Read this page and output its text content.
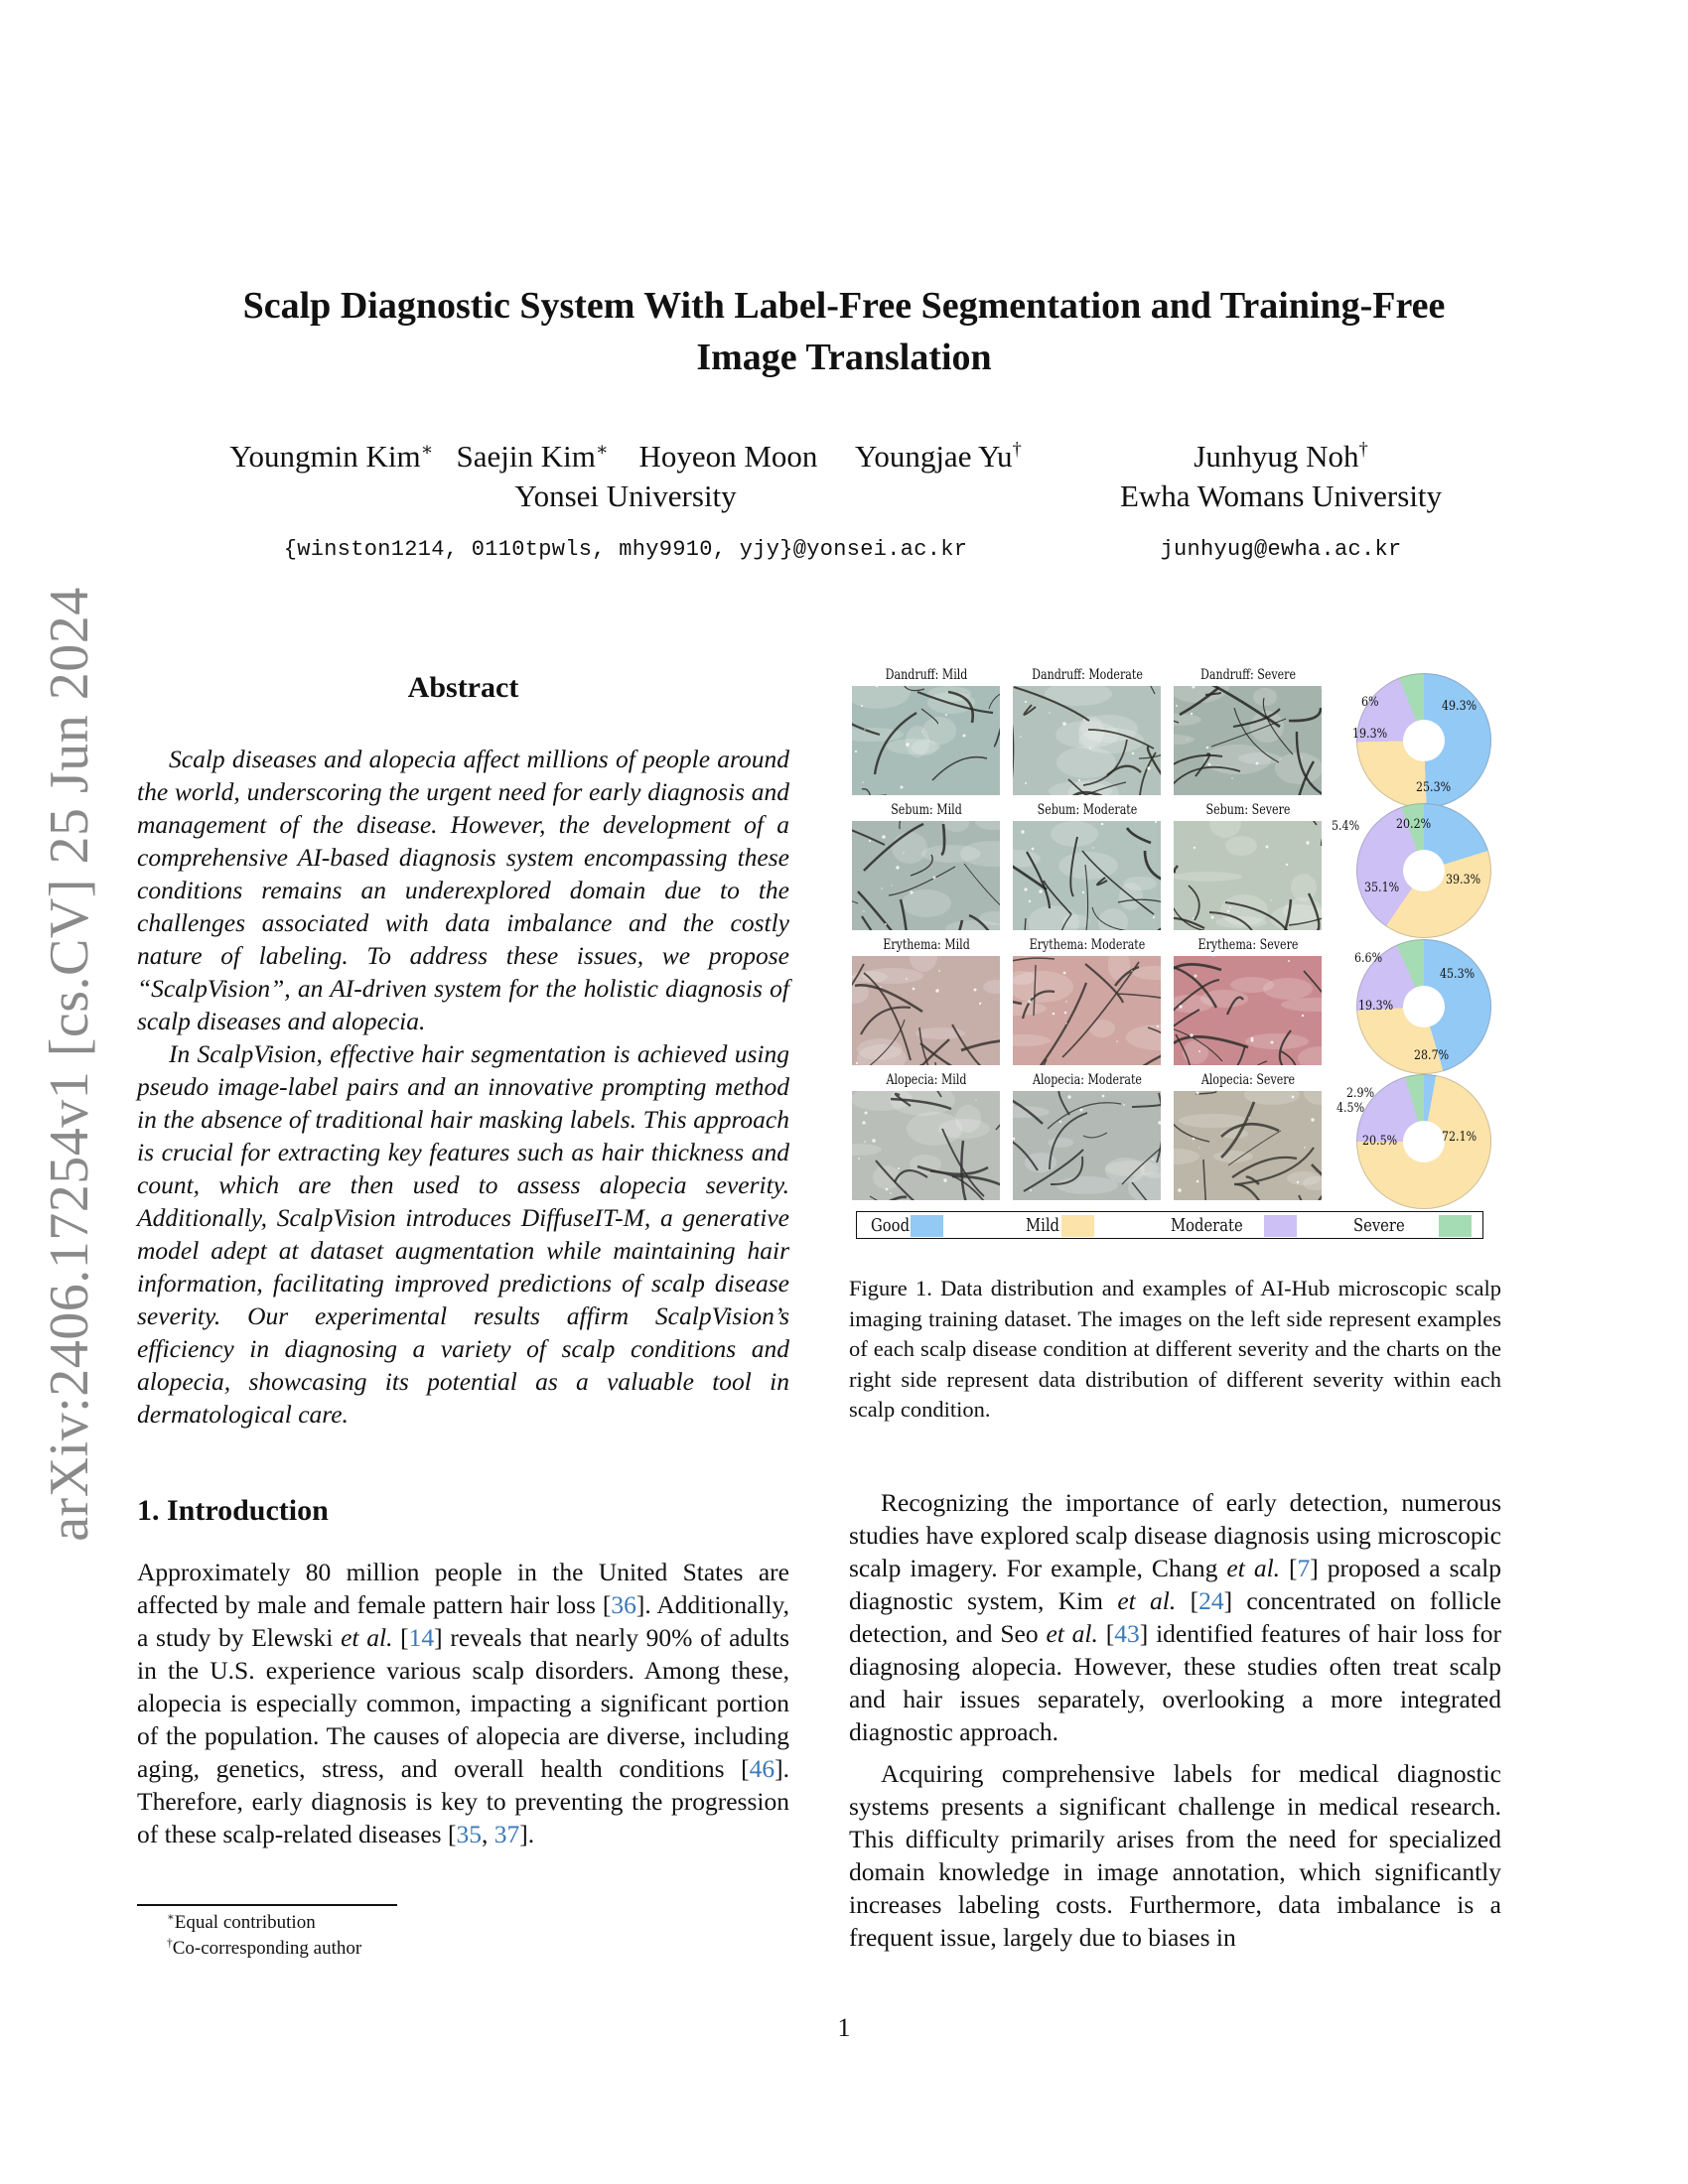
Scalp Diagnostic System With Label-Free Segmentation and Training-Free
Image Translation
Youngmin Kim∗ Saejin Kim∗ Hoyeon Moon Youngjae Yu†
Yonsei University
{winston1214, 0110tpwls, mhy9910, yjy}@yonsei.ac.kr
Junhyug Noh†
Ewha Womans University
junhyug@ewha.ac.kr
arXiv:2406.17254v1 [cs.CV] 25 Jun 2024	Abstract

Scalp diseases and alopecia affect millions of people around the world, underscoring the urgent need for early diagnosis and management of the disease. However, the development of a comprehensive AI-based diagnosis system encompassing these conditions remains an underexplored domain due to the challenges associated with data imbalance and the costly nature of labeling. To address these issues, we propose “ScalpVision”, an AI-driven system for the holistic diagnosis of scalp diseases and alopecia.

In ScalpVision, effective hair segmentation is achieved using pseudo image-label pairs and an innovative prompting method in the absence of traditional hair masking labels. This approach is crucial for extracting key features such as hair thickness and count, which are then used to assess alopecia severity. Additionally, ScalpVision introduces DiffuseIT-M, a generative model adept at dataset augmentation while maintaining hair information, facilitating improved predictions of scalp disease severity. Our experimental results affirm ScalpVision’s efficiency in diagnosing a variety of scalp conditions and alopecia, showcasing its potential as a valuable tool in dermatological care.

1. Introduction

Approximately 80 million people in the United States are affected by male and female pattern hair loss [36]. Additionally, a study by Elewski et al. [14] reveals that nearly 90% of adults in the U.S. experience various scalp disorders. Among these, alopecia is especially common, impacting a significant portion of the population. The causes of alopecia are diverse, including aging, genetics, stress, and overall health conditions [46]. Therefore, early diagnosis is key to preventing the progression of these scalp-related diseases [35, 37].

Recognizing the importance of early detection, numerous studies have explored scalp disease diagnosis using microscopic scalp imagery. For example, Chang et al. [7] proposed a scalp diagnostic system, Kim et al. [24] concentrated on follicle detection, and Seo et al. [43] identified features of hair loss for diagnosing alopecia. However, these studies often treat scalp and hair issues separately, overlooking a more integrated diagnostic approach.

Acquiring comprehensive labels for medical diagnostic systems presents a significant challenge in medical research. This difficulty primarily arises from the need for specialized domain knowledge in image annotation, which significantly increases labeling costs. Furthermore, data imbalance is a frequent issue, largely due to biases in

∗Equal contribution
†Co-corresponding author
1
Dandruff: Mild	Dandruff: Moderate	Dandruff: Severe
Sebum: Mild	Sebum: Moderate	Sebum: Severe
Erythema: Mild	Erythema: Moderate	Erythema: Severe
Alopecia: Mild	Alopecia: Moderate	Alopecia: Severe
49.3%
25.3%
19.3%
6%
20.2%
39.3%
35.1%
5.4%
45.3%
28.7%
19.3%
6.6%
2.9%
72.1%
20.5%
4.5%
Good	Mild	Moderate	Severe
Figure 1. Data distribution and examples of AI-Hub microscopic scalp imaging training dataset. The images on the left side represent examples of each scalp disease condition at different severity and the charts on the right side represent data distribution of different severity within each scalp condition.
